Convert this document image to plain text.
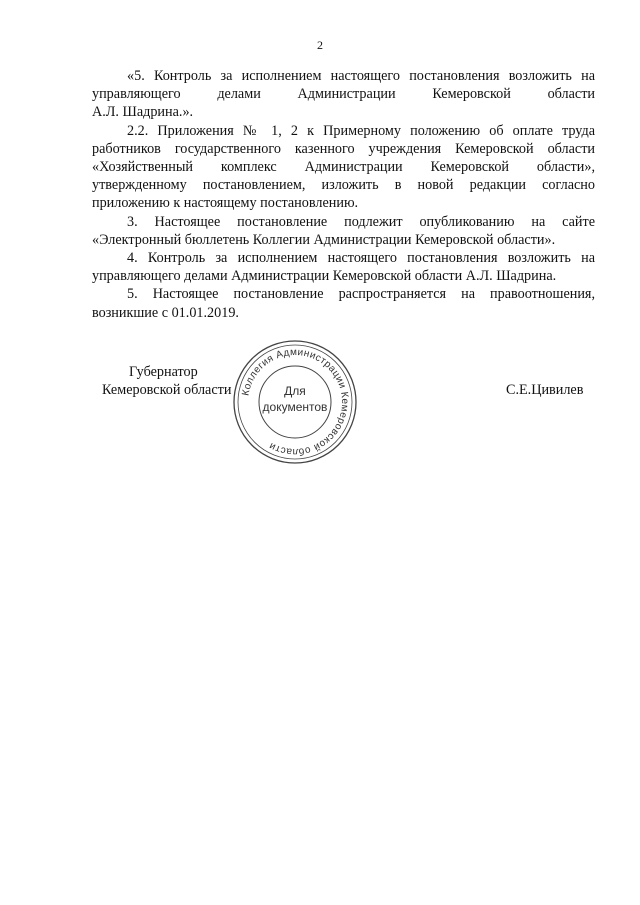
2

«5. Контроль за исполнением настоящего постановления возложить на
управляющего делами Администрации Кемеровской области
А.Л. Шадрина.».

2.2. Приложения № 1, 2 к Примерному положению об оплате труда
работников государственного казенного учреждения Кемеровской области
«Хозяйственный комплекс Администрации Кемеровской области»,
утвержденному постановлением, изложить в новой редакции согласно
приложению к настоящему постановлению.

3. Настоящее постановление подлежит опубликованию на сайте
«Электронный бюллетень Коллегии Администрации Кемеровской области».

4. Контроль за исполнением настоящего постановления возложить на
управляющего делами Администрации Кемеровской области А.Л. Шадрина.

5. Настоящее постановление распространяется на правоотношения,
возникшие с 01.01.2019.

Губернатор
Кемеровской области	С.Е.Цивилев
Коллегия Администрации Кемеровской области
Для
документов
